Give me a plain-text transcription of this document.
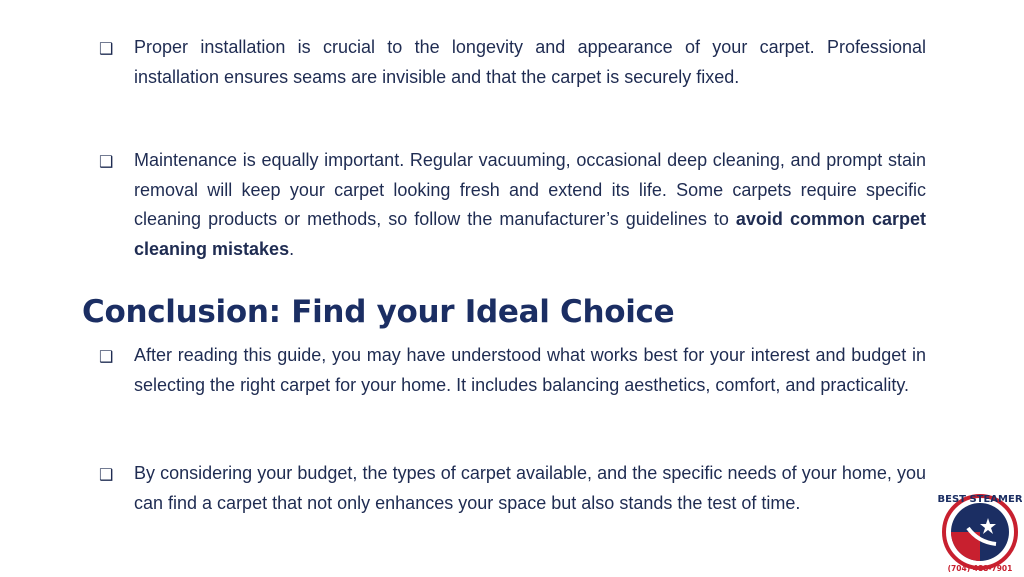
❑ Proper installation is crucial to the longevity and appearance of your carpet. Professional installation ensures seams are invisible and that the carpet is securely fixed.
❑ Maintenance is equally important. Regular vacuuming, occasional deep cleaning, and prompt stain removal will keep your carpet looking fresh and extend its life. Some carpets require specific cleaning products or methods, so follow the manufacturer’s guidelines to avoid common carpet cleaning mistakes.
Conclusion: Find your Ideal Choice
❑ After reading this guide, you may have understood what works best for your interest and budget in selecting the right carpet for your home. It includes balancing aesthetics, comfort, and practicality.
❑ By considering your budget, the types of carpet available, and the specific needs of your home, you can find a carpet that not only enhances your space but also stands the test of time.	BEST STEAMER
(704) 488-7901
